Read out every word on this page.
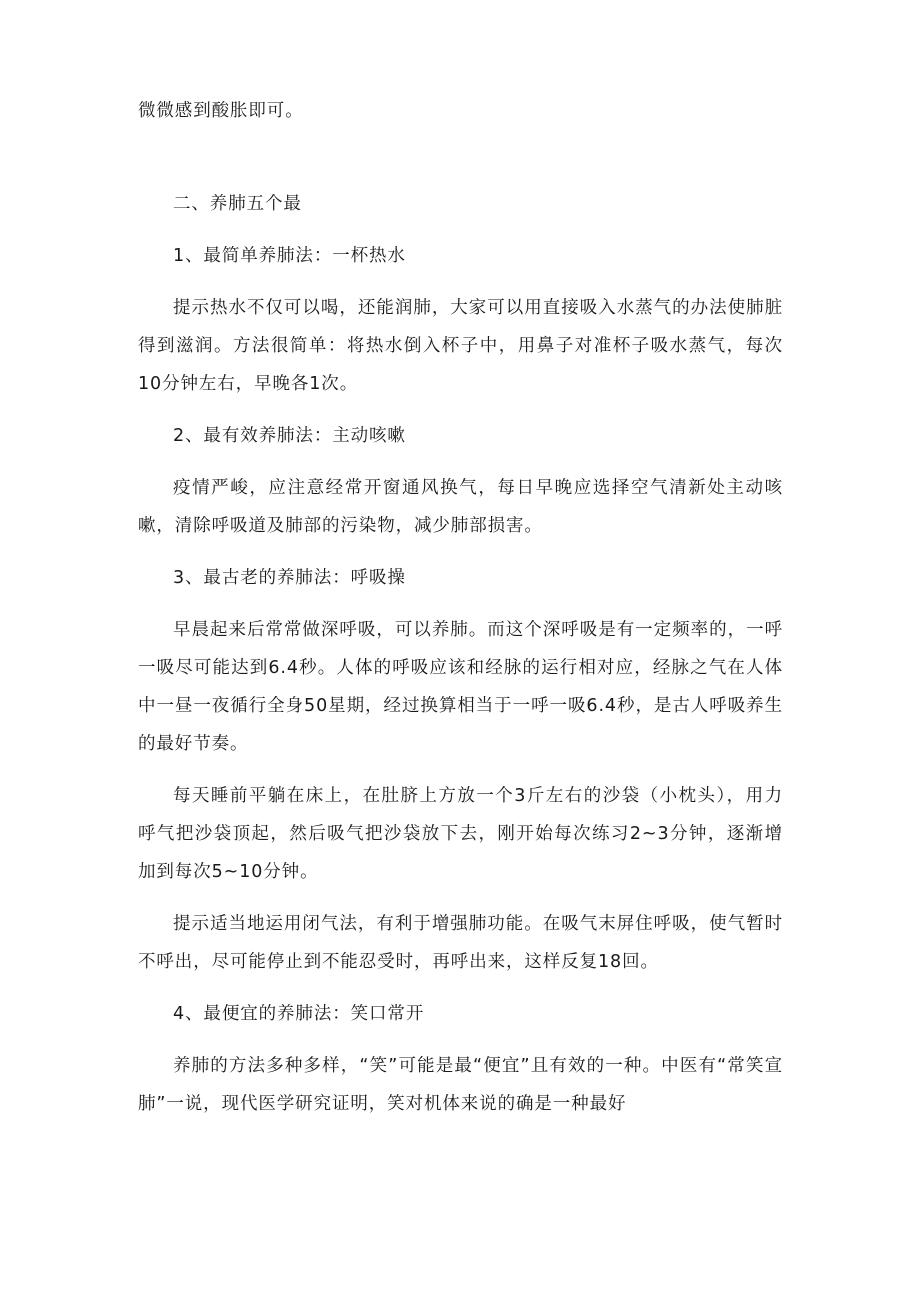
微微感到酸胀即可。

二、养肺五个最

1、最简单养肺法：一杯热水

提示热水不仅可以喝，还能润肺，大家可以用直接吸入水蒸气的办法使肺脏得到滋润。方法很简单：将热水倒入杯子中，用鼻子对准杯子吸水蒸气，每次10分钟左右，早晚各1次。

2、最有效养肺法：主动咳嗽

疫情严峻，应注意经常开窗通风换气，每日早晚应选择空气清新处主动咳嗽，清除呼吸道及肺部的污染物，减少肺部损害。

3、最古老的养肺法：呼吸操

早晨起来后常常做深呼吸，可以养肺。而这个深呼吸是有一定频率的，一呼一吸尽可能达到6.4秒。人体的呼吸应该和经脉的运行相对应，经脉之气在人体中一昼一夜循行全身50星期，经过换算相当于一呼一吸6.4秒，是古人呼吸养生的最好节奏。

每天睡前平躺在床上，在肚脐上方放一个3斤左右的沙袋（小枕头），用力呼气把沙袋顶起，然后吸气把沙袋放下去，刚开始每次练习2~3分钟，逐渐增加到每次5~10分钟。

提示适当地运用闭气法，有利于增强肺功能。在吸气末屏住呼吸，使气暂时不呼出，尽可能停止到不能忍受时，再呼出来，这样反复18回。

4、最便宜的养肺法：笑口常开

养肺的方法多种多样，“笑”可能是最“便宜”且有效的一种。中医有“常笑宣肺”一说，现代医学研究证明，笑对机体来说的确是一种最好
